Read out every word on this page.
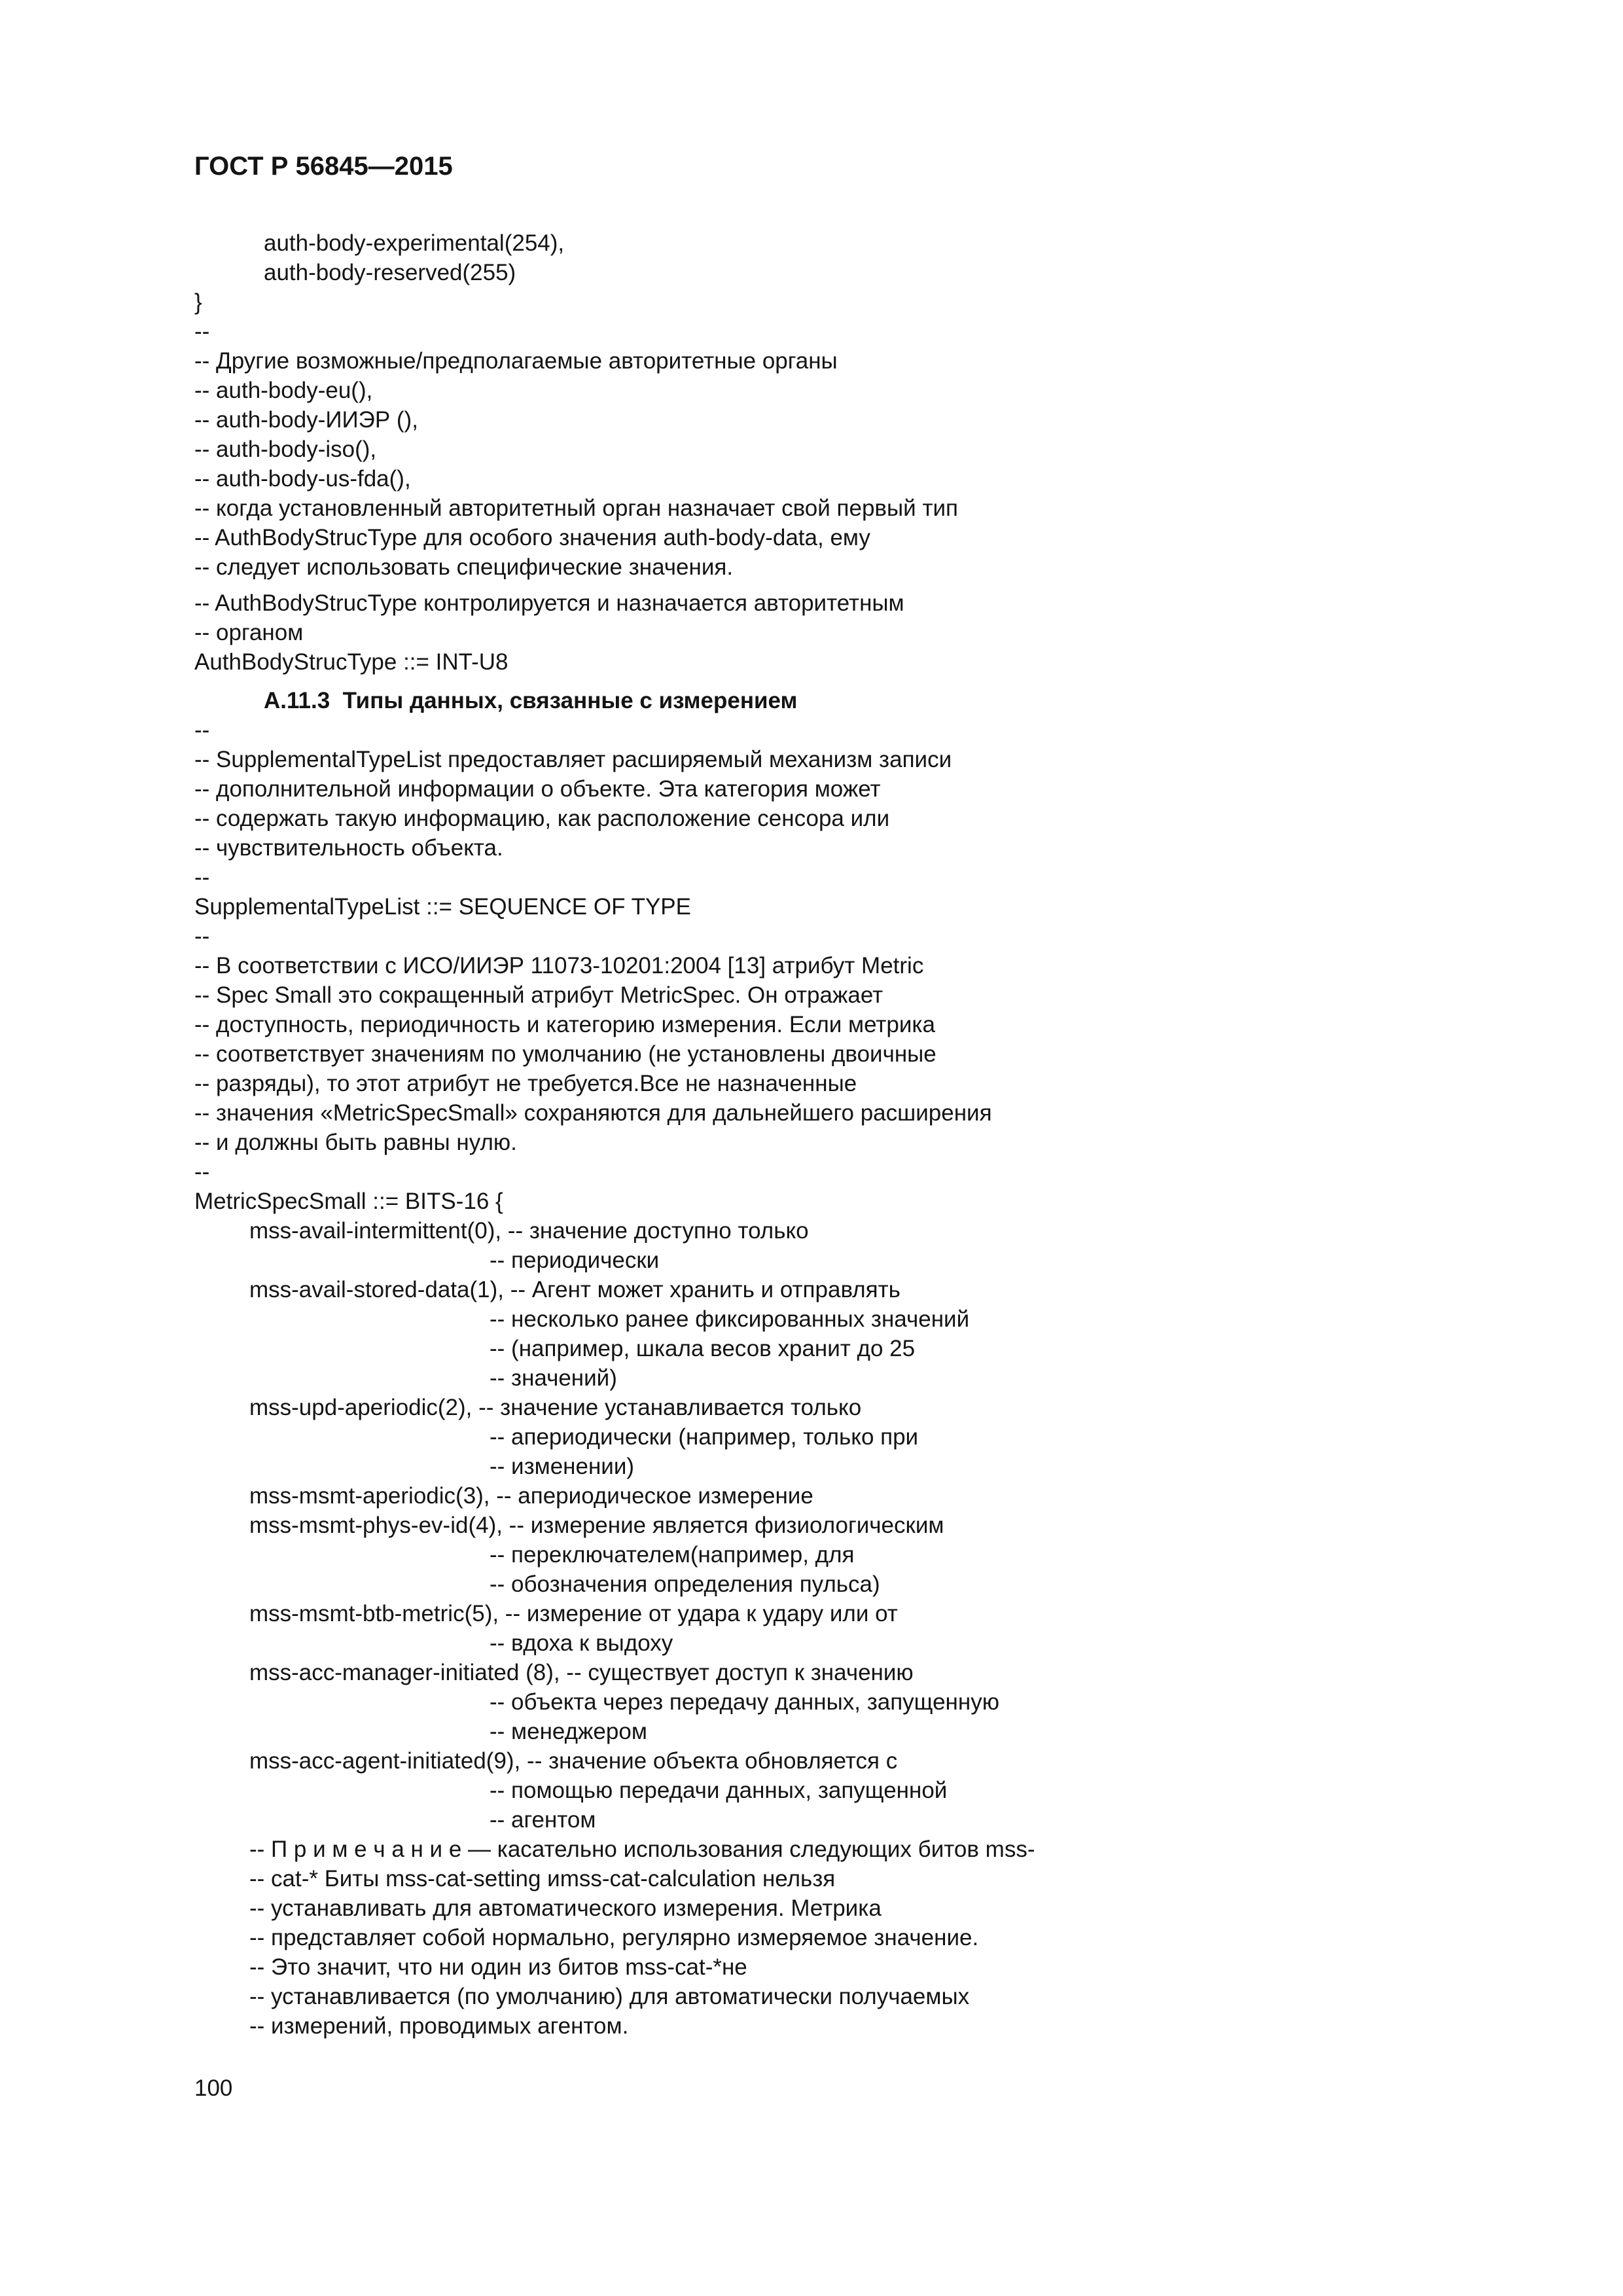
ГОСТ Р 56845—2015
auth-body-experimental(254),
auth-body-reserved(255)
}
--
-- Другие возможные/предполагаемые авторитетные органы
-- auth-body-eu(),
-- auth-body-ИИЭР (),
-- auth-body-iso(),
-- auth-body-us-fda(),
-- когда установленный авторитетный орган назначает свой первый тип
-- AuthBodyStrucType для особого значения auth-body-data, ему
-- следует использовать специфические значения.
-- AuthBodyStrucType контролируется и назначается авторитетным
-- органом
AuthBodyStrucType ::= INT-U8
А.11.3  Типы данных, связанные с измерением
--
-- SupplementalTypeList предоставляет расширяемый механизм записи
-- дополнительной информации о объекте. Эта категория может
-- содержать такую информацию, как расположение сенсора или
-- чувствительность объекта.
--
SupplementalTypeList ::= SEQUENCE OF TYPE
--
-- В соответствии с ИСО/ИИЭР 11073-10201:2004 [13] атрибут Metric
-- Spec Small это сокращенный атрибут MetricSpec. Он отражает
-- доступность, периодичность и категорию измерения. Если метрика
-- соответствует значениям по умолчанию (не установлены двоичные
-- разряды), то этот атрибут не требуется.Все не назначенные
-- значения «MetricSpecSmall» сохраняются для дальнейшего расширения
-- и должны быть равны нулю.
--
MetricSpecSmall ::= BITS-16 {
mss-avail-intermittent(0), -- значение доступно только
-- периодически
mss-avail-stored-data(1), -- Агент может хранить и отправлять
-- несколько ранее фиксированных значений
-- (например, шкала весов хранит до 25
-- значений)
mss-upd-aperiodic(2), -- значение устанавливается только
-- апериодически (например, только при
-- изменении)
mss-msmt-aperiodic(3), -- апериодическое измерение
mss-msmt-phys-ev-id(4), -- измерение является физиологическим
-- переключателем(например, для
-- обозначения определения пульса)
mss-msmt-btb-metric(5), -- измерение от удара к удару или от
-- вдоха к выдоху
mss-acc-manager-initiated (8), -- существует доступ к значению
-- объекта через передачу данных, запущенную
-- менеджером
mss-acc-agent-initiated(9), -- значение объекта обновляется с
-- помощью передачи данных, запущенной
-- агентом
-- П р и м е ч а н и е — касательно использования следующих битов mss-
-- cat-* Биты mss-cat-setting иmss-cat-calculation нельзя
-- устанавливать для автоматического измерения. Метрика
-- представляет собой нормально, регулярно измеряемое значение.
-- Это значит, что ни один из битов mss-cat-*не
-- устанавливается (по умолчанию) для автоматически получаемых
-- измерений, проводимых агентом.
100
